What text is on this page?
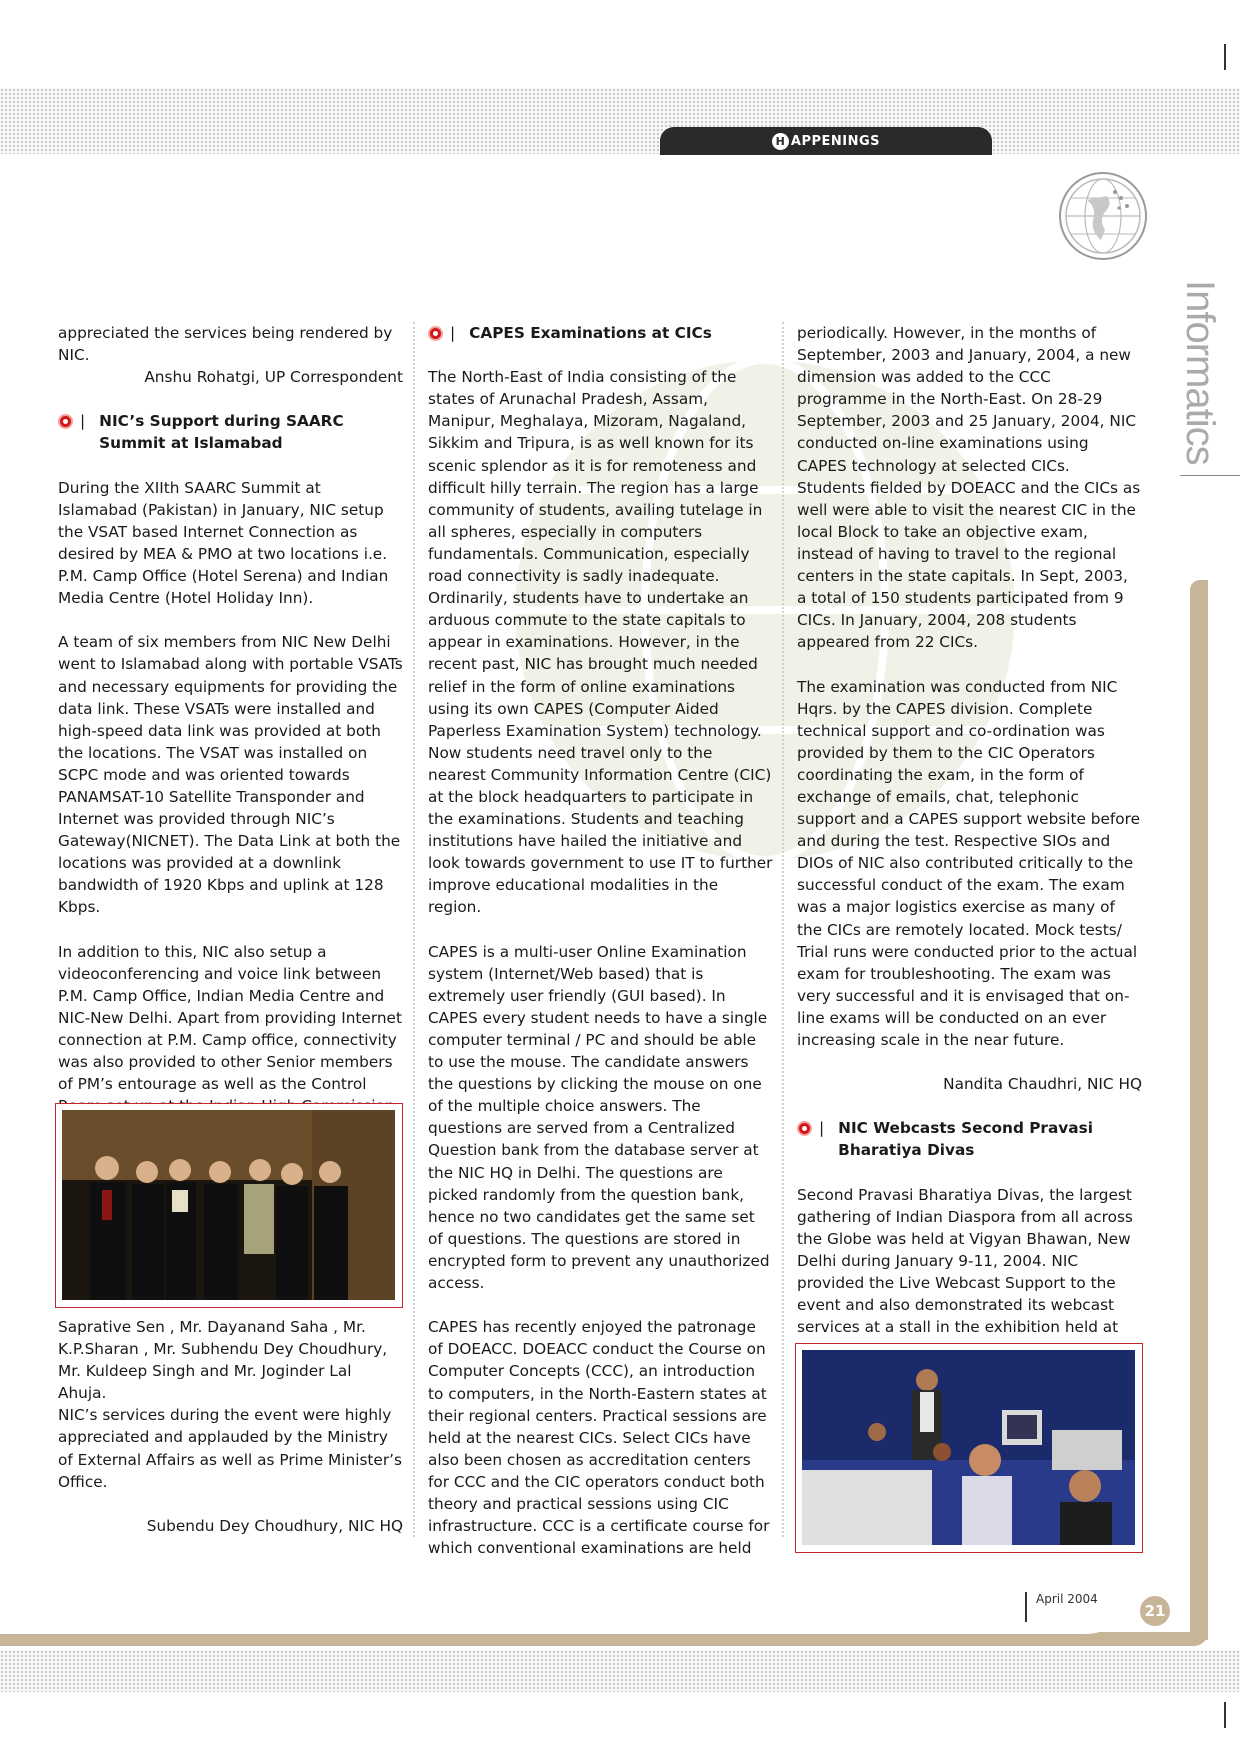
H APPENINGS
Informatics

appreciated the services being rendered by NIC.

Anshu Rohatgi, UP Correspondent

| NIC’s Support during SAARC Summit at Islamabad

During the XIIth SAARC Summit at Islamabad (Pakistan) in January, NIC setup the VSAT based Internet Connection as desired by MEA & PMO at two locations i.e. P.M. Camp Office (Hotel Serena) and Indian Media Centre (Hotel Holiday Inn).

A team of six members from NIC New Delhi went to Islamabad along with portable VSATs and necessary equipments for providing the data link. These VSATs were installed and high-speed data link was provided at both the locations. The VSAT was installed on SCPC mode and was oriented towards PANAMSAT-10 Satellite Transponder and Internet was provided through NIC’s Gateway(NICNET). The Data Link at both the locations was provided at a downlink bandwidth of 1920 Kbps and uplink at 128 Kbps.

In addition to this, NIC also setup a videoconferencing and voice link between P.M. Camp Office, Indian Media Centre and NIC-New Delhi. Apart from providing Internet connection at P.M. Camp office, connectivity was also provided to other Senior members of PM’s entourage as well as the Control

Saprative Sen , Mr. Dayanand Saha , Mr. K.P.Sharan , Mr. Subhendu Dey Choudhury, Mr. Kuldeep Singh and Mr. Joginder Lal Ahuja.

NIC’s services during the event were highly appreciated and applauded by the Ministry of External Affairs as well as Prime Minister’s Office.

Subendu Dey Choudhury, NIC HQ

| CAPES Examinations at CICs

The North-East of India consisting of the states of Arunachal Pradesh, Assam, Manipur, Meghalaya, Mizoram, Nagaland, Sikkim and Tripura, is as well known for its scenic splendor as it is for remoteness and difficult hilly terrain. The region has a large community of students, availing tutelage in all spheres, especially in computers fundamentals. Communication, especially road connectivity is sadly inadequate. Ordinarily, students have to undertake an arduous commute to the state capitals to appear in examinations. However, in the recent past, NIC has brought much needed relief in the form of online examinations using its own CAPES (Computer Aided Paperless Examination System) technology. Now students need travel only to the nearest Community Information Centre (CIC) at the block headquarters to participate in the examinations. Students and teaching institutions have hailed the initiative and look towards government to use IT to further improve educational modalities in the region.

CAPES is a multi-user Online Examination system (Internet/Web based) that is extremely user friendly (GUI based). In CAPES every student needs to have a single computer terminal / PC and should be able to use the mouse. The candidate answers the questions by clicking the mouse on one of the multiple choice answers. The questions are served from a Centralized Question bank from the database server at the NIC HQ in Delhi. The questions are picked randomly from the question bank, hence no two candidates get the same set of questions. The questions are stored in encrypted form to prevent any unauthorized access.

CAPES has recently enjoyed the patronage of DOEACC. DOEACC conduct the Course on Computer Concepts (CCC), an introduction to computers, in the North-Eastern states at their regional centers. Practical sessions are held at the nearest CICs. Select CICs have also been chosen as accreditation centers for CCC and the CIC operators conduct both theory and practical sessions using CIC infrastructure. CCC is a certificate course for which conventional examinations are held

periodically. However, in the months of September, 2003 and January, 2004, a new dimension was added to the CCC programme in the North-East. On 28-29 September, 2003 and 25 January, 2004, NIC conducted on-line examinations using CAPES technology at selected CICs. Students fielded by DOEACC and the CICs as well were able to visit the nearest CIC in the local Block to take an objective exam, instead of having to travel to the regional centers in the state capitals. In Sept, 2003, a total of 150 students participated from 9 CICs. In January, 2004, 208 students appeared from 22 CICs.

The examination was conducted from NIC Hqrs. by the CAPES division. Complete technical support and co-ordination was provided by them to the CIC Operators coordinating the exam, in the form of exchange of emails, chat, telephonic support and a CAPES support website before and during the test. Respective SIOs and DIOs of NIC also contributed critically to the successful conduct of the exam. The exam was a major logistics exercise as many of the CICs are remotely located. Mock tests/ Trial runs were conducted prior to the actual exam for troubleshooting. The exam was very successful and it is envisaged that on-line exams will be conducted on an ever increasing scale in the near future.

Nandita Chaudhri, NIC HQ

| NIC Webcasts Second Pravasi Bharatiya Divas

Second Pravasi Bharatiya Divas, the largest gathering of Indian Diaspora from all across the Globe was held at Vigyan Bhawan, New Delhi during January 9-11, 2004. NIC provided the Live Webcast Support to the event and also demonstrated its webcast services at a stall in the exhibition held at

April 2004
21
